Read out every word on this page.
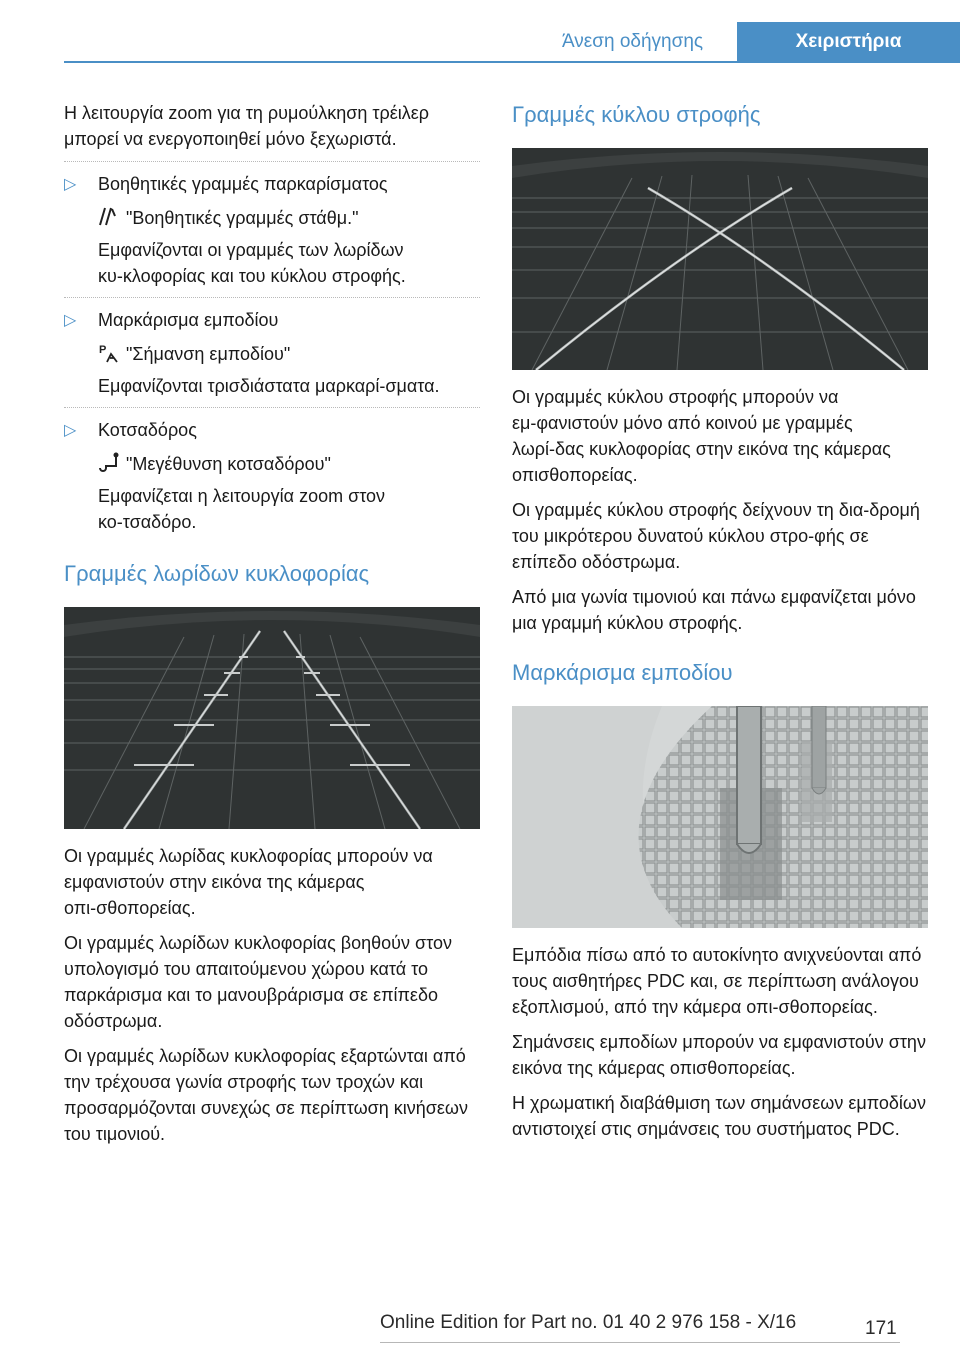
Άνεση οδήγησης	Χειριστήρια

Η λειτουργία zoom για τη ρυμούλκηση τρέιλερ μπορεί να ενεργοποιηθεί μόνο ξεχωριστά.

▷ Βοηθητικές γραμμές παρκαρίσματος

"Βοηθητικές γραμμές στάθμ."

Εμφανίζονται οι γραμμές των λωρίδων κυ‑κλοφορίας και του κύκλου στροφής.

▷ Μαρκάρισμα εμποδίου

P "Σήμανση εμποδίου"

Εμφανίζονται τρισδιάστατα μαρκαρί‑σματα.

▷ Κοτσαδόρος

"Μεγέθυνση κοτσαδόρου"

Εμφανίζεται η λειτουργία zoom στον κο‑τσαδόρο.

Γραμμές λωρίδων κυκλοφορίας

Οι γραμμές λωρίδας κυκλοφορίας μπορούν να εμφανιστούν στην εικόνα της κάμερας οπι‑σθοπορείας.

Οι γραμμές λωρίδων κυκλοφορίας βοηθούν στον υπολογισμό του απαιτούμενου χώρου κατά το παρκάρισμα και το μανουβράρισμα σε επίπεδο οδόστρωμα.

Οι γραμμές λωρίδων κυκλοφορίας εξαρτώνται από την τρέχουσα γωνία στροφής των τροχών και προσαρμόζονται συνεχώς σε περίπτωση κινήσεων του τιμονιού.

Γραμμές κύκλου στροφής

Οι γραμμές κύκλου στροφής μπορούν να εμ‑φανιστούν μόνο από κοινού με γραμμές λωρί‑δας κυκλοφορίας στην εικόνα της κάμερας οπισθοπορείας.

Οι γραμμές κύκλου στροφής δείχνουν τη δια‑δρομή του μικρότερου δυνατού κύκλου στρο‑φής σε επίπεδο οδόστρωμα.

Από μια γωνία τιμονιού και πάνω εμφανίζεται μόνο μια γραμμή κύκλου στροφής.

Μαρκάρισμα εμποδίου

Εμπόδια πίσω από το αυτοκίνητο ανιχνεύονται από τους αισθητήρες PDC και, σε περίπτωση ανάλογου εξοπλισμού, από την κάμερα οπι‑σθοπορείας.

Σημάνσεις εμποδίων μπορούν να εμφανιστούν στην εικόνα της κάμερας οπισθοπορείας.

Η χρωματική διαβάθμιση των σημάνσεων εμποδίων αντιστοιχεί στις σημάνσεις του συστήματος PDC.

Online Edition for Part no. 01 40 2 976 158 - X/16	171
